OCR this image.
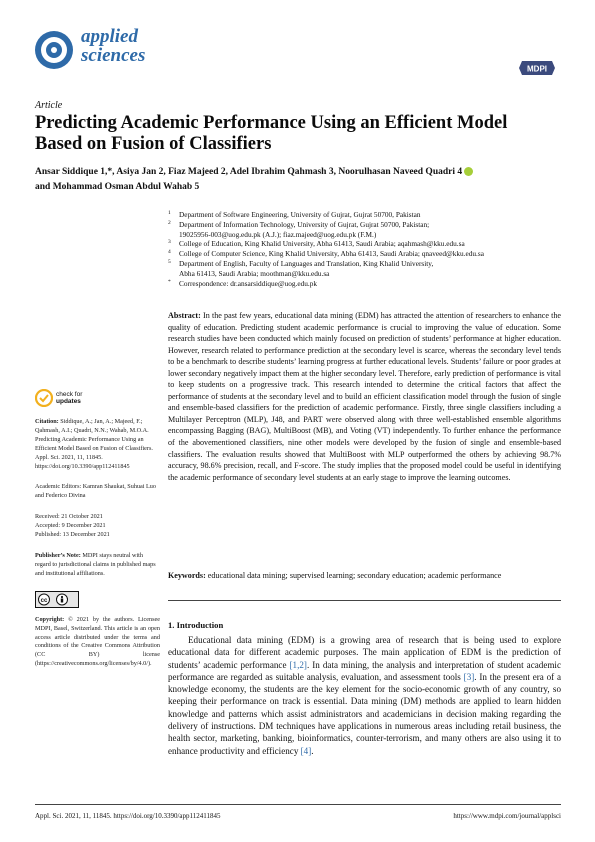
applied
sciences
MDPI
Article
Predicting Academic Performance Using an Efficient Model Based on Fusion of Classifiers
Ansar Siddique 1,*, Asiya Jan 2, Fiaz Majeed 2, Adel Ibrahim Qahmash 3, Noorulhasan Naveed Quadri 4
and Mohammad Osman Abdul Wahab 5
1 Department of Software Engineering, University of Gujrat, Gujrat 50700, Pakistan
2 Department of Information Technology, University of Gujrat, Gujrat 50700, Pakistan;
19025956-003@uog.edu.pk (A.J.); fiaz.majeed@uog.edu.pk (F.M.)
3 College of Education, King Khalid University, Abha 61413, Saudi Arabia; aqahmash@kku.edu.sa
4 College of Computer Science, King Khalid University, Abha 61413, Saudi Arabia; qnaveed@kku.edu.sa
5 Department of English, Faculty of Languages and Translation, King Khalid University,
Abha 61413, Saudi Arabia; moothman@kku.edu.sa
* Correspondence: dr.ansarsiddique@uog.edu.pk
Abstract: In the past few years, educational data mining (EDM) has attracted the attention of researchers to enhance the quality of education. Predicting student academic performance is crucial to improving the value of education. Some research studies have been conducted which mainly focused on prediction of students’ performance at higher education. However, research related to performance prediction at the secondary level is scarce, whereas the secondary level tends to be a benchmark to describe students’ learning progress at further educational levels. Students’ failure or poor grades at lower secondary negatively impact them at the higher secondary level. Therefore, early prediction of performance is vital to keep students on a progressive track. This research intended to determine the critical factors that affect the performance of students at the secondary level and to build an efficient classification model through the fusion of single and ensemble-based classifiers for the prediction of academic performance. Firstly, three single classifiers including a Multilayer Perceptron (MLP), J48, and PART were observed along with three well-established ensemble algorithms encompassing Bagging (BAG), MultiBoost (MB), and Voting (VT) independently. To further enhance the performance of the abovementioned classifiers, nine other models were developed by the fusion of single and ensemble-based classifiers. The evaluation results showed that MultiBoost with MLP outperformed the others by achieving 98.7% accuracy, 98.6% precision, recall, and F-score. The study implies that the proposed model could be useful in identifying the academic performance of secondary level students at an early stage to improve the learning outcomes.
Keywords: educational data mining; supervised learning; secondary education; academic performance
check for
updates
Citation: Siddique, A.; Jan, A.; Majeed, F.; Qahmash, A.I.; Quadri, N.N.; Wahab, M.O.A. Predicting Academic Performance Using an Efficient Model Based on Fusion of Classifiers. Appl. Sci. 2021, 11, 11845. https://doi.org/10.3390/app112411845
Academic Editors: Kamran Shaukat, Suhuai Luo and Federico Divina
Received: 21 October 2021
Accepted: 9 December 2021
Published: 13 December 2021
Publisher’s Note: MDPI stays neutral with regard to jurisdictional claims in published maps and institutional affiliations.
cc
Copyright: © 2021 by the authors. Licensee MDPI, Basel, Switzerland. This article is an open access article distributed under the terms and conditions of the Creative Commons Attribution (CC BY) license (https://creativecommons.org/licenses/by/4.0/).
1. Introduction
Educational data mining (EDM) is a growing area of research that is being used to explore educational data for different academic purposes. The main application of EDM is the prediction of students’ academic performance [1,2]. In data mining, the analysis and interpretation of student academic performance are regarded as suitable analysis, evaluation, and assessment tools [3]. In the present era of a knowledge economy, the students are the key element for the socio-economic growth of any country, so keeping their performance on track is essential. Data mining (DM) methods are applied to learn hidden knowledge and patterns which assist administrators and academicians in decision making regarding the delivery of instructions. DM techniques have applications in numerous areas including retail business, the health sector, marketing, banking, bioinformatics, counter-terrorism, and many others are also using it to enhance productivity and efficiency [4].
Appl. Sci. 2021, 11, 11845. https://doi.org/10.3390/app112411845	https://www.mdpi.com/journal/applsci
